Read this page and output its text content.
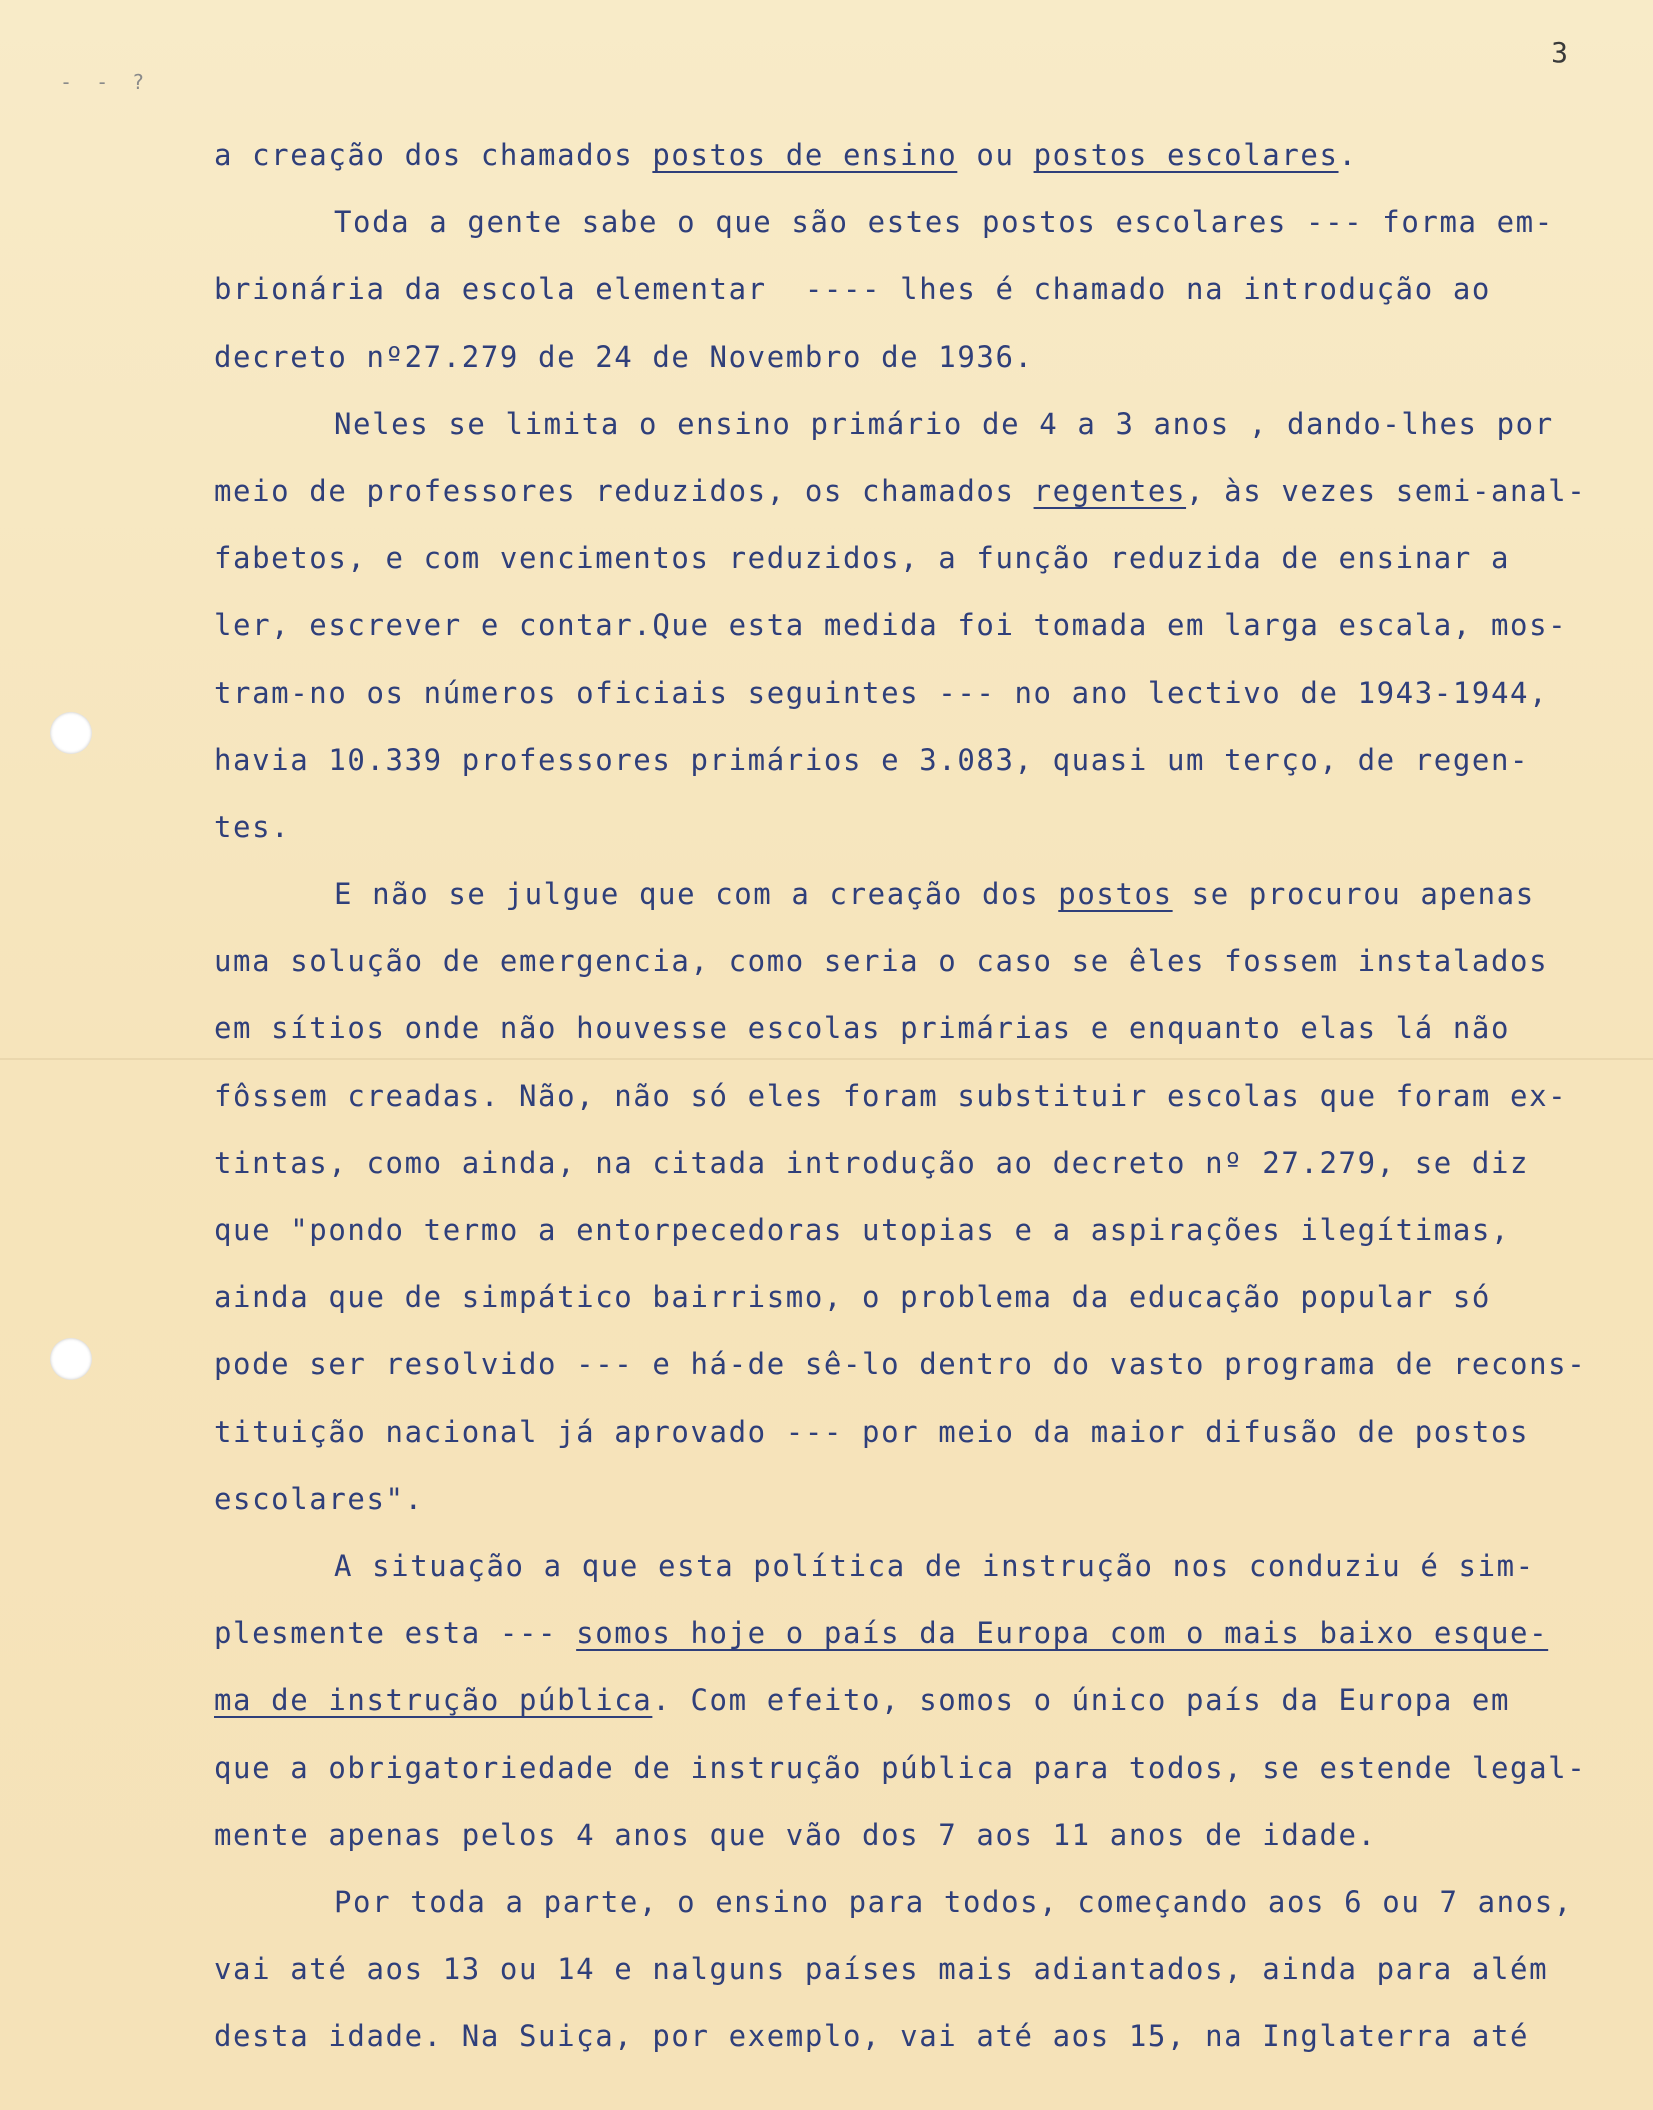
- - ?
3
a creação dos chamados postos de ensino ou postos escolares.
Toda a gente sabe o que são estes postos escolares --- forma em-
brionária da escola elementar  ---- lhes é chamado na introdução ao
decreto nº27.279 de 24 de Novembro de 1936.
Neles se limita o ensino primário de 4 a 3 anos , dando-lhes por
meio de professores reduzidos, os chamados regentes, às vezes semi-anal-
fabetos, e com vencimentos reduzidos, a função reduzida de ensinar a
ler, escrever e contar.Que esta medida foi tomada em larga escala, mos-
tram-no os números oficiais seguintes --- no ano lectivo de 1943-1944,
havia 10.339 professores primários e 3.083, quasi um terço, de regen-
tes.
E não se julgue que com a creação dos postos se procurou apenas
uma solução de emergencia, como seria o caso se êles fossem instalados
em sítios onde não houvesse escolas primárias e enquanto elas lá não
fôssem creadas. Não, não só eles foram substituir escolas que foram ex-
tintas, como ainda, na citada introdução ao decreto nº 27.279, se diz
que "pondo termo a entorpecedoras utopias e a aspirações ilegítimas,
ainda que de simpático bairrismo, o problema da educação popular só
pode ser resolvido --- e há-de sê-lo dentro do vasto programa de recons-
tituição nacional já aprovado --- por meio da maior difusão de postos
escolares".
A situação a que esta política de instrução nos conduziu é sim-
plesmente esta --- somos hoje o país da Europa com o mais baixo esque-
ma de instrução pública. Com efeito, somos o único país da Europa em
que a obrigatoriedade de instrução pública para todos, se estende legal-
mente apenas pelos 4 anos que vão dos 7 aos 11 anos de idade.
Por toda a parte, o ensino para todos, começando aos 6 ou 7 anos,
vai até aos 13 ou 14 e nalguns países mais adiantados, ainda para além
desta idade. Na Suiça, por exemplo, vai até aos 15, na Inglaterra até
